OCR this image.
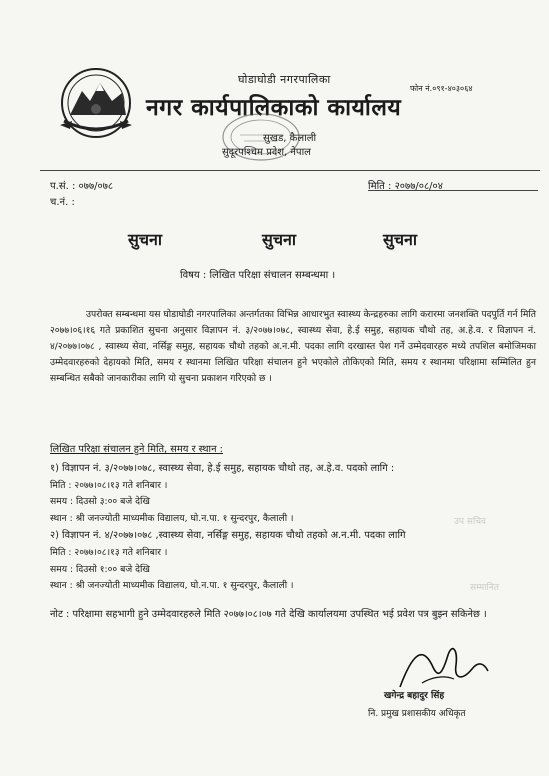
घोडाघोडी नगरपालिका
फोन नं.०९१-४०३०६४
नगर कार्यपालिकाको कार्यालय
सुखड, कैलाली
सुदूरपश्चिम प्रदेश, नेपाल
प.सं. : ०७७/०७८	मिति : २०७७/०८/०४
च.नं. :
सुचना	सुचना	सुचना
विषय : लिखित परिक्षा संचालन सम्बन्धमा ।
उपरोक्त सम्बन्धमा यस घोडाघोडी नगरपालिका अन्तर्गतका विभिन्न आधारभुत स्वास्थ्य केन्द्रहरुका लागि करारमा जनशक्ति पदपुर्ति गर्न मिति २०७७।०६।१६ गते प्रकाशित सुचना अनुसार विज्ञापन नं. ३/२०७७।०७८, स्वास्थ्य सेवा, हे.ई समुह, सहायक चौथो तह, अ.हे.व. र विज्ञापन नं. ४/२०७७।०७८ , स्वास्थ्य सेवा, नर्सिङ्ग समुह, सहायक चौथो तहको अ.न.मी. पदका लागि दरखास्त पेश गर्ने उम्मेदवारहरु मध्ये तपशिल बमोजिमका उम्मेदवारहरुको देहायको मिति, समय र स्थानमा लिखित परिक्षा संचालन हुने भएकोले तोकिएको मिति, समय र स्थानमा परिक्षामा सम्मिलित हुन सम्बन्धित सबैको जानकारीका लागि यो सुचना प्रकाशन गरिएको छ ।
लिखित परिक्षा संचालन हुने मिति, समय र स्थान :
१) विज्ञापन नं. ३/२०७७।०७८, स्वास्थ्य सेवा, हे.ई समुह, सहायक चौथो तह, अ.हे.व. पदको लागि :
मिति : २०७७।०८।१३ गते शनिबार ।
समय : दिउसो ३:०० बजे देखि
स्थान : श्री जनज्योती माध्यमीक विद्यालय, घो.न.पा. १ सुन्दरपुर, कैलाली ।	उप सचिव
२) विज्ञापन नं. ४/२०७७।०७८ ,स्वास्थ्य सेवा, नर्सिङ्ग समुह, सहायक चौथो तहको अ.न.मी. पदका लागि
मिति : २०७७।०८।१३ गते शनिबार ।
समय : दिउसो १:०० बजे देखि
स्थान : श्री जनज्योती माध्यमीक विद्यालय, घो.न.पा. १ सुन्दरपुर, कैलाली ।	सम्मानित
नोट : परिक्षामा सहभागी हुने उम्मेदवारहरुले मिति २०७७।०८।०७ गते देखि कार्यालयमा उपस्थित भई प्रवेश पत्र बुझ्न सकिनेछ ।
खगेन्द्र बहादुर सिंह
नि. प्रमुख प्रशासकीय अधिकृत
